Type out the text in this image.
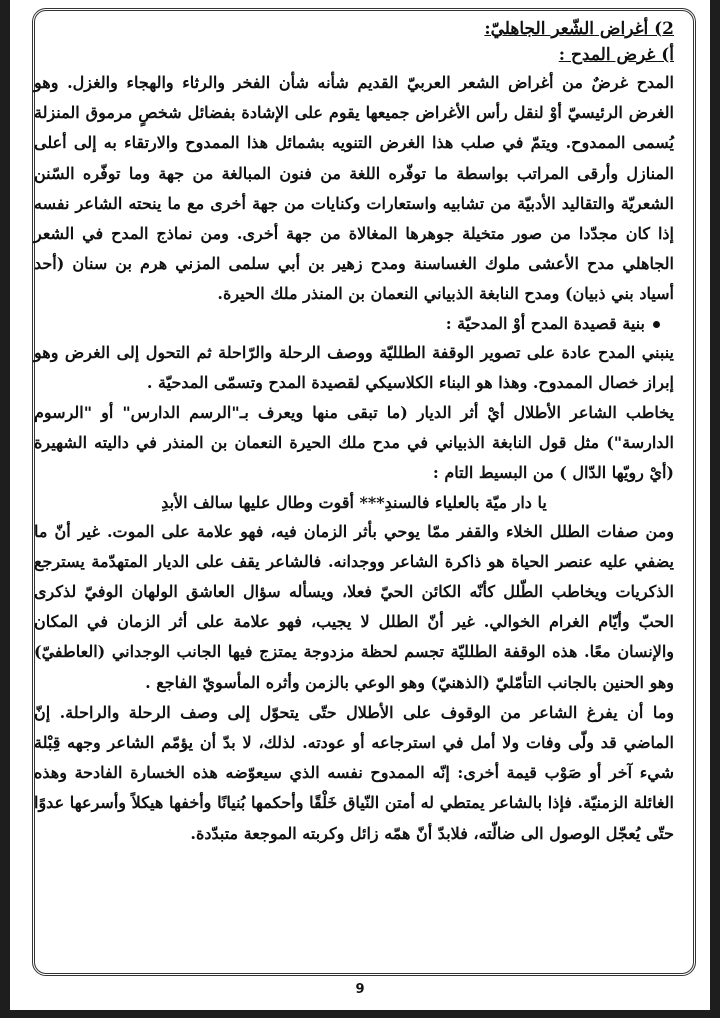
2) أغراض الشّعر الجاهليّ:
أ) غرض المدح :

المدح غرضٌ من أغراض الشعر العربيّ القديم شأنه شأن الفخر والرثاء والهجاء والغزل. وهو الغرض الرئيسيّ أوْ لنقل رأس الأغراض جميعها يقوم على الإشادة بفضائل شخصٍ مرموق المنزلة يُسمى الممدوح. ويتمّ في صلب هذا الغرض التنويه بشمائل هذا الممدوح والارتقاء به إلى أعلى المنازل وأرقى المراتب بواسطة ما توفّره اللغة من فنون المبالغة من جهة وما توفّره السّنن الشعريّة والتقاليد الأدبيّة من تشابيه واستعارات وكنايات من جهة أخرى مع ما ينحته الشاعر نفسه إذا كان مجدّدا من صور متخيلة جوهرها المغالاة من جهة أخرى. ومن نماذج المدح في الشعر الجاهلي مدح الأعشى ملوك الغساسنة ومدح زهير بن أبي سلمى المزني هرم بن سنان (أحد أسياد بني ذبيان) ومدح النابغة الذبياني النعمان بن المنذر ملك الحيرة.

بنية قصيدة المدح أوْ المدحيّة :

ينبني المدح عادة على تصوير الوقفة الطلليّة ووصف الرحلة والرّاحلة ثم التحول إلى الغرض وهو إبراز خصال الممدوح. وهذا هو البناء الكلاسيكي لقصيدة المدح وتسمّى المدحيّة .

يخاطب الشاعر الأطلال أيْ أثر الديار (ما تبقى منها ويعرف بـ"الرسم الدارس" أو "الرسوم الدارسة") مثل قول النابغة الذبياني في مدح ملك الحيرة النعمان بن المنذر في داليته الشهيرة (أيْ رويّها الدّال ) من البسيط التام :

يا دار ميّة بالعلياء فالسندِ*** أقوت وطال عليها سالف الأبدِ

ومن صفات الطلل الخلاء والقفر ممّا يوحي بأثر الزمان فيه، فهو علامة على الموت. غير أنّ ما يضفي عليه عنصر الحياة هو ذاكرة الشاعر ووجدانه. فالشاعر يقف على الديار المتهدّمة يسترجع الذكريات ويخاطب الطّلل كأنّه الكائن الحيّ فعلا، ويسأله سؤال العاشق الولهان الوفيّ لذكرى الحبّ وأيّام الغرام الخوالي. غير أنّ الطلل لا يجيب، فهو علامة على أثر الزمان في المكان والإنسان معًا. هذه الوقفة الطلليّة تجسم لحظة مزدوجة يمتزج فيها الجانب الوجداني (العاطفيّ) وهو الحنين بالجانب التأمّليّ (الذهنيّ) وهو الوعي بالزمن وأثره المأسويّ الفاجع .

وما أن يفرغ الشاعر من الوقوف على الأطلال حتّى يتحوّل إلى وصف الرحلة والراحلة. إنّ الماضي قد ولّى وفات ولا أمل في استرجاعه أو عودته. لذلك، لا بدّ أن يؤمّم الشاعر وجهه قِبْلة شيء آخر أو صَوْب قيمة أخرى: إنّه الممدوح نفسه الذي سيعوّضه هذه الخسارة الفادحة وهذه الغائلة الزمنيّة. فإذا بالشاعر يمتطي له أمتن النّياق خَلْقًا وأحكمها بُنيانًا وأخفها هيكلاً وأسرعها عدوًا حتّى يُعجّل الوصول الى ضالّته، فلابدّ أنّ همّه زائل وكربته الموجعة متبدّدة.

9
